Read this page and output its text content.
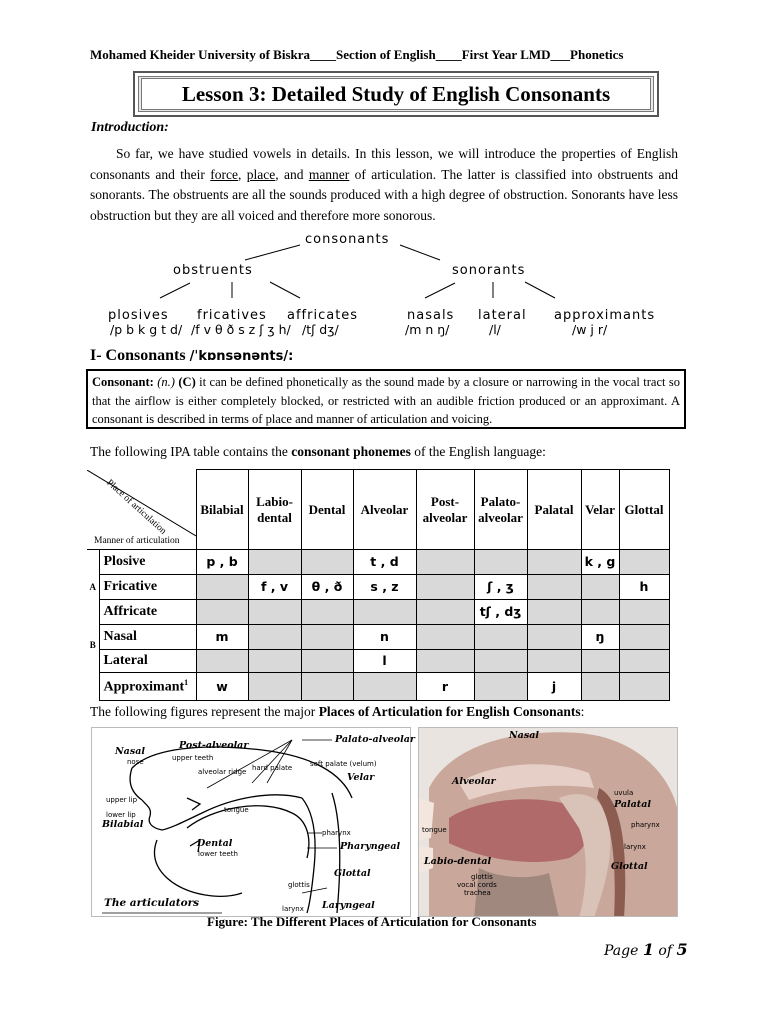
Mohamed Kheider University of Biskra____Section of English____First Year LMD___Phonetics
Lesson 3: Detailed Study of English Consonants
Introduction:
So far, we have studied vowels in details. In this lesson, we will introduce the properties of English consonants and their force, place, and manner of articulation. The latter is classified into obstruents and sonorants. The obstruents are all the sounds produced with a high degree of obstruction. Sonorants have less obstruction but they are all voiced and therefore more sonorous.
consonants
obstruents	sonorants
plosives fricatives affricates	nasals lateral approximants
/p b k g t d/ /f v θ ð s z ʃ ʒ h/ /tʃ dʒ/	/m n ŋ/	/l/	/w j r/
I- Consonants /ˈkɒnsənənts/:
Consonant: (n.) (C) it can be defined phonetically as the sound made by a closure or narrowing in the vocal tract so that the airflow is either completely blocked, or restricted with an audible friction produced or an approximant. A consonant is described in terms of place and manner of articulation and voicing.
The following IPA table contains the consonant phonemes of the English language:
Place of articulation
Manner of articulation		Bilabial	Labio-
dental	Dental	Alveolar	Post-
alveolar	Palato-
alveolar	Palatal	Velar	Glottal
	Plosive	p , b			t , d				k , g	
A	Fricative		f , v	θ , ð	s , z		ʃ , ʒ			h
	Affricate						tʃ , dʒ			
B	Nasal	m			n				ŋ	
	Lateral				l					
	Approximant$^1$	w				r		j		
The following figures represent the major Places of Articulation for English Consonants:
Nasal
nose
Post-alveolar
upper teeth
alveolar ridge hard palate
Palato-alveolar
soft palate (velum)
Velar
upper lip
tongue
lower lip
Bilabial
Dental
lower teeth
pharynx
Pharyngeal
glottis
Glottal
The articulators	larynx Laryngeal
Nasal
Alveolar
uvula
Palatal
pharynx
tongue
larynx
Labio-dental	Glottal
glottis
vocal cords
trachea
Figure: The Different Places of Articulation for Consonants
Page 1 of 5
